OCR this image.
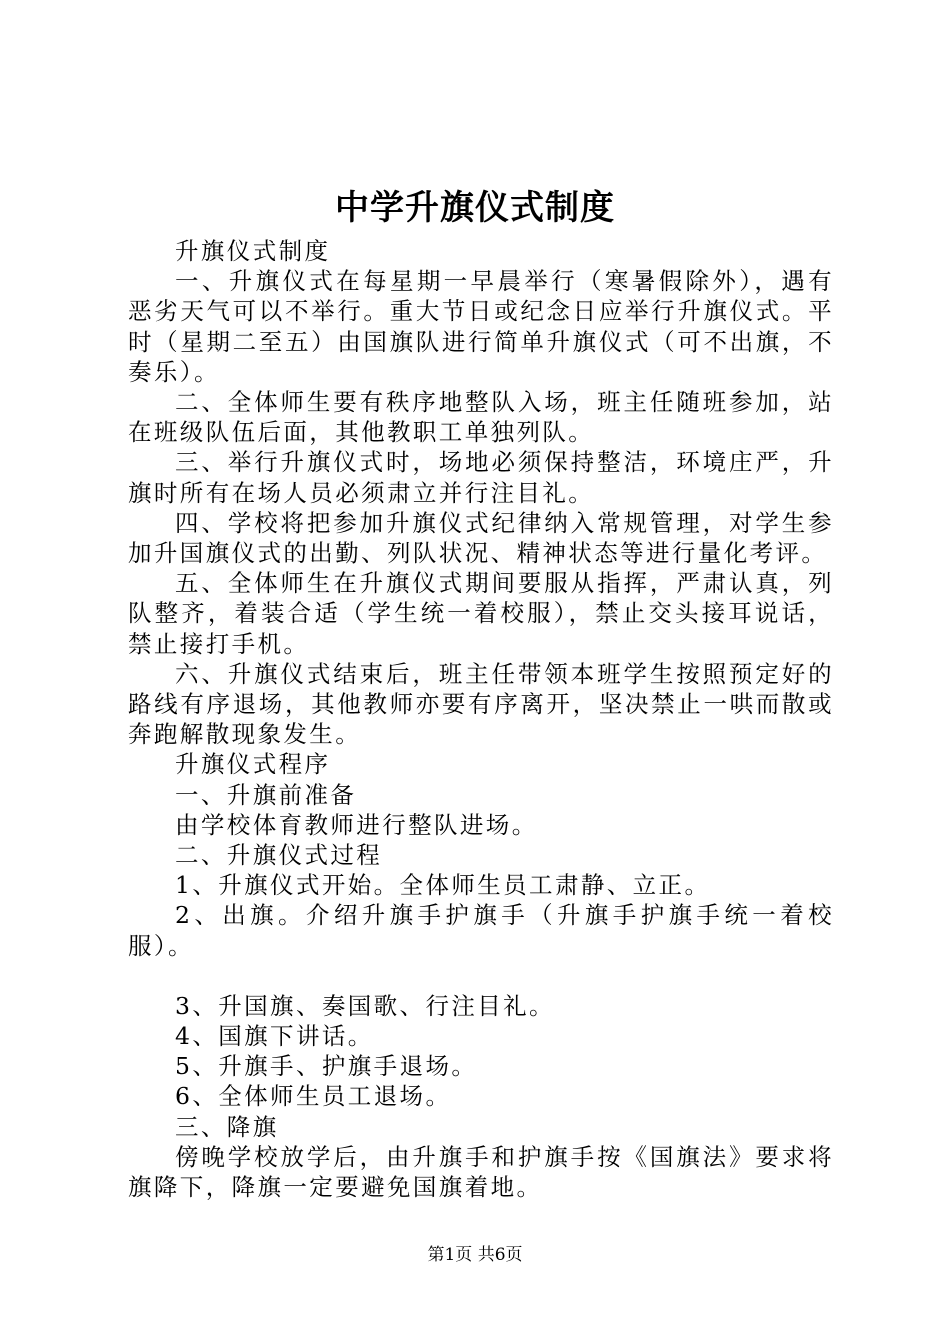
中学升旗仪式制度

升旗仪式制度

一、升旗仪式在每星期一早晨举行（寒暑假除外），遇有恶劣天气可以不举行。重大节日或纪念日应举行升旗仪式。平时（星期二至五）由国旗队进行简单升旗仪式（可不出旗，不奏乐）。

二、全体师生要有秩序地整队入场，班主任随班参加，站在班级队伍后面，其他教职工单独列队。

三、举行升旗仪式时，场地必须保持整洁，环境庄严，升旗时所有在场人员必须肃立并行注目礼。

四、学校将把参加升旗仪式纪律纳入常规管理，对学生参加升国旗仪式的出勤、列队状况、精神状态等进行量化考评。

五、全体师生在升旗仪式期间要服从指挥，严肃认真，列队整齐，着装合适（学生统一着校服），禁止交头接耳说话，禁止接打手机。

六、升旗仪式结束后，班主任带领本班学生按照预定好的路线有序退场，其他教师亦要有序离开，坚决禁止一哄而散或奔跑解散现象发生。

升旗仪式程序

一、升旗前准备

由学校体育教师进行整队进场。

二、升旗仪式过程

1、升旗仪式开始。全体师生员工肃静、立正。

2、出旗。介绍升旗手护旗手（升旗手护旗手统一着校服）。

3、升国旗、奏国歌、行注目礼。

4、国旗下讲话。

5、升旗手、护旗手退场。

6、全体师生员工退场。

三、降旗

傍晚学校放学后，由升旗手和护旗手按《国旗法》要求将旗降下，降旗一定要避免国旗着地。

第1页 共6页
